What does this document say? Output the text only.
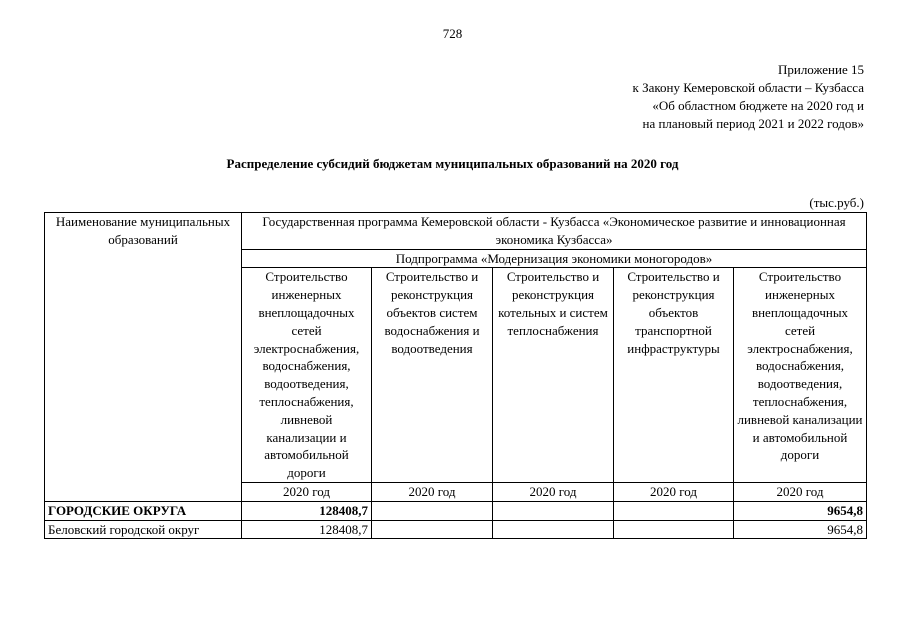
728
Приложение 15
к Закону Кемеровской области – Кузбасса
«Об областном бюджете на 2020 год и
на плановый период 2021 и 2022 годов»
Распределение субсидий бюджетам муниципальных образований на 2020 год
(тыс.руб.)
Наименование муниципальных образований	Государственная программа Кемеровской области - Кузбасса «Экономическое развитие и инновационная экономика Кузбасса»				
	Подпрограмма «Модернизация экономики моногородов»				
	Строительство инженерных внеплощадочных сетей электроснабжения, водоснабжения, водоотведения, теплоснабжения, ливневой канализации и автомобильной дороги	Строительство и реконструкция объектов систем водоснабжения и водоотведения	Строительство и реконструкция котельных и систем теплоснабжения	Строительство и реконструкция объектов транспортной инфраструктуры	Строительство инженерных внеплощадочных сетей электроснабжения, водоснабжения, водоотведения, теплоснабжения, ливневой канализации и автомобильной дороги
	2020 год	2020 год	2020 год	2020 год	2020 год
ГОРОДСКИЕ ОКРУГА	128408,7				9654,8
Беловский городской округ	128408,7				9654,8
